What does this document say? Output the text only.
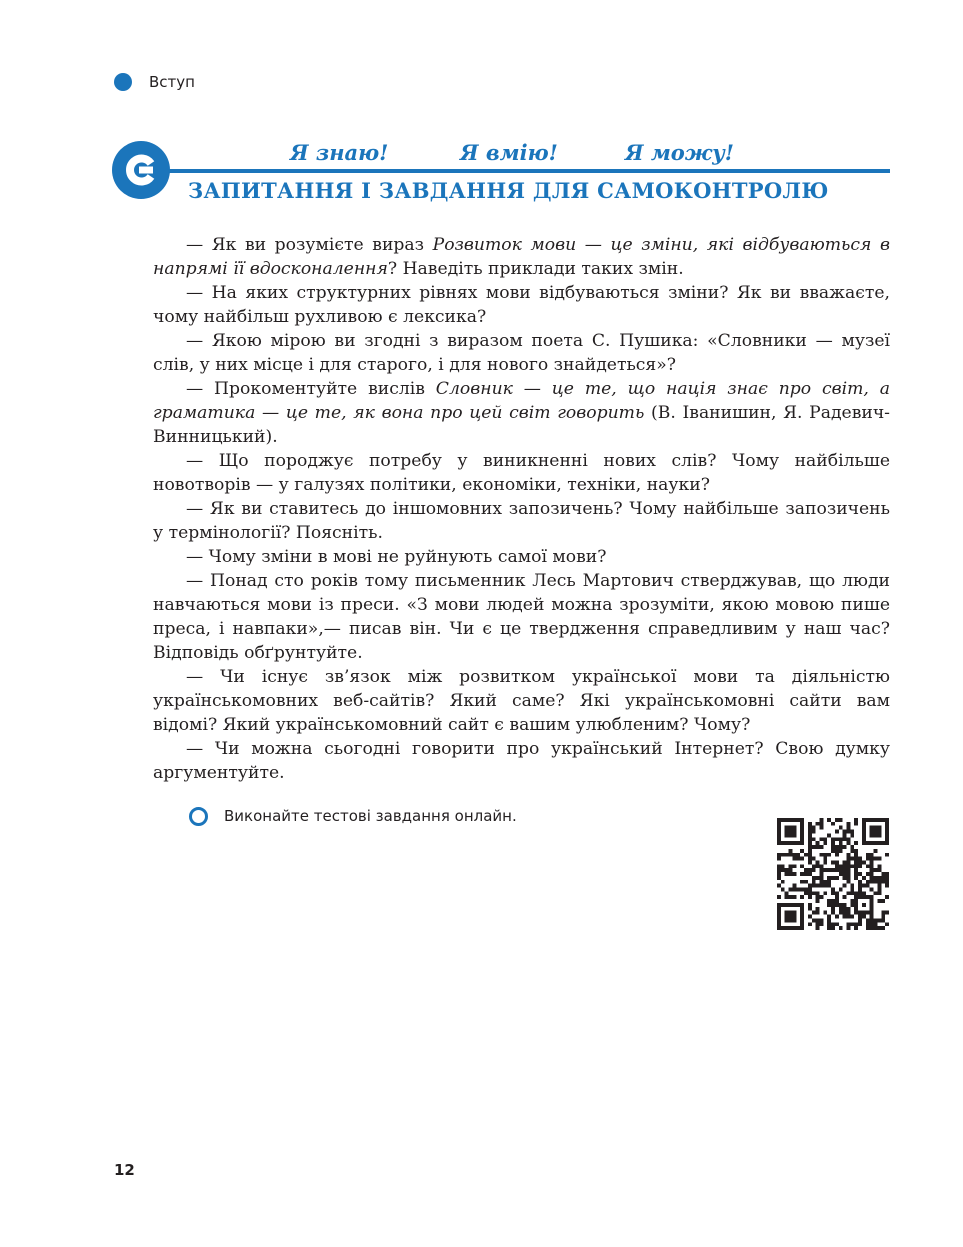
Вступ
Я знаю!	Я вмію!	Я можу!
ЗАПИТАННЯ І ЗАВДАННЯ ДЛЯ САМОКОНТРОЛЮ

— Як ви розумієте вираз Розвиток мови — це зміни, які відбуваються в напрямі її вдосконалення? Наведіть приклади таких змін.

— На яких структурних рівнях мови відбуваються зміни? Як ви вважаєте, чому найбільш рухливою є лексика?

— Якою мірою ви згодні з виразом поета С. Пушика: «Словники — музеї слів, у них місце і для старого, і для нового знайдеться»?

— Прокоментуйте вислів Словник — це те, що нація знає про світ, а граматика — це те, як вона про цей світ говорить (В. Іванишин, Я. Радевич-Винницький).

— Що породжує потребу у виникненні нових слів? Чому найбільше новотворів — у галузях політики, економіки, техніки, науки?

— Як ви ставитесь до іншомовних запозичень? Чому найбільше запозичень у термінології? Поясніть.

— Чому зміни в мові не руйнують самої мови?

— Понад сто років тому письменник Лесь Мартович стверджував, що люди навчаються мови із преси. «З мови людей можна зрозуміти, якою мовою пише преса, і навпаки»,— писав він. Чи є це твердження справедливим у наш час? Відповідь обґрунтуйте.

— Чи існує зв’язок між розвитком української мови та діяльністю українськомовних веб-сайтів? Який саме? Які українськомовні сайти вам відомі? Який українськомовний сайт є вашим улюбленим? Чому?

— Чи можна сьогодні говорити про український Інтернет? Свою думку аргументуйте.

Виконайте тестові завдання онлайн.
12
